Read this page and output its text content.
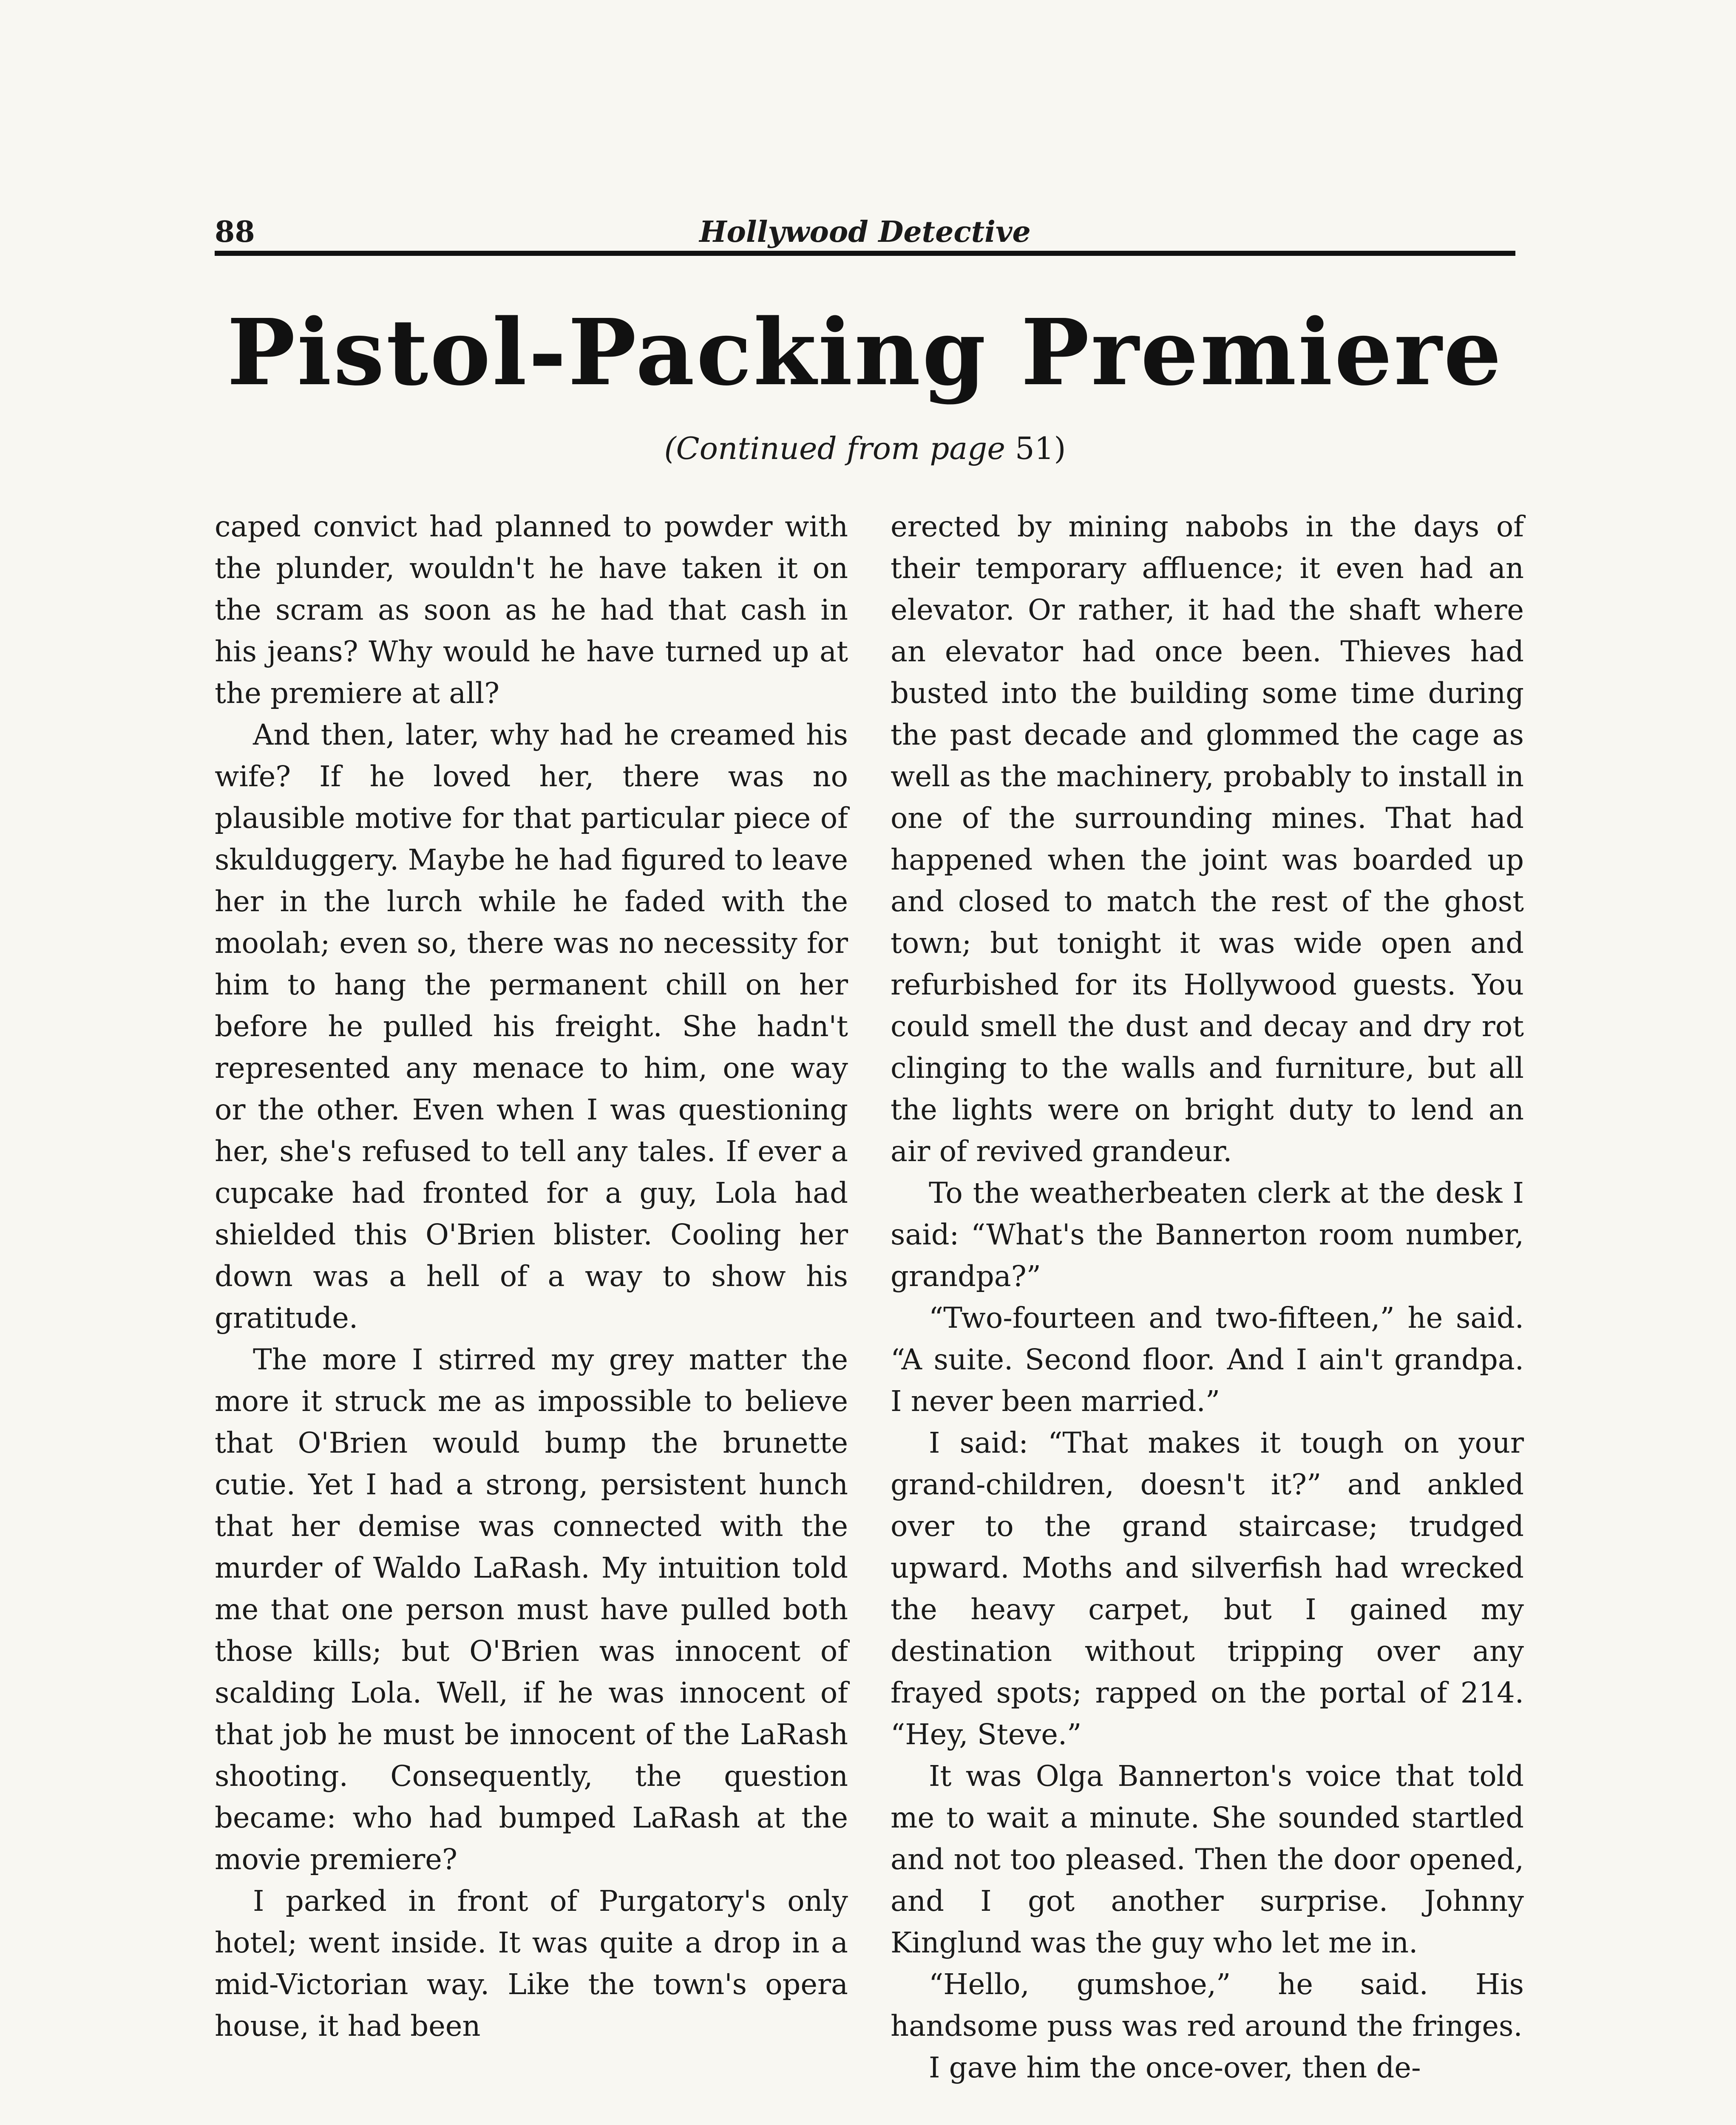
88	Hollywood Detective
Pistol-Packing Premiere
(Continued from page 51)

caped convict had planned to powder with the plunder, wouldn't he have taken it on the scram as soon as he had that cash in his jeans? Why would he have turned up at the premiere at all?

And then, later, why had he creamed his wife? If he loved her, there was no plausible motive for that particular piece of skulduggery. Maybe he had figured to leave her in the lurch while he faded with the moolah; even so, there was no necessity for him to hang the permanent chill on her before he pulled his freight. She hadn't represented any menace to him, one way or the other. Even when I was questioning her, she's refused to tell any tales. If ever a cupcake had fronted for a guy, Lola had shielded this O'Brien blister. Cooling her down was a hell of a way to show his gratitude.

The more I stirred my grey matter the more it struck me as impossible to believe that O'Brien would bump the brunette cutie. Yet I had a strong, persistent hunch that her demise was connected with the murder of Waldo LaRash. My intuition told me that one person must have pulled both those kills; but O'Brien was innocent of scalding Lola. Well, if he was innocent of that job he must be innocent of the LaRash shooting. Consequently, the question became: who had bumped LaRash at the movie premiere?

I parked in front of Purgatory's only hotel; went inside. It was quite a drop in a mid-Victorian way. Like the town's opera house, it had been

erected by mining nabobs in the days of their temporary affluence; it even had an elevator. Or rather, it had the shaft where an elevator had once been. Thieves had busted into the building some time during the past decade and glommed the cage as well as the machinery, probably to install in one of the surrounding mines. That had happened when the joint was boarded up and closed to match the rest of the ghost town; but tonight it was wide open and refurbished for its Hollywood guests. You could smell the dust and decay and dry rot clinging to the walls and furniture, but all the lights were on bright duty to lend an air of revived grandeur.

To the weatherbeaten clerk at the desk I said: “What's the Bannerton room number, grandpa?”

“Two-fourteen and two-fifteen,” he said. “A suite. Second floor. And I ain't grandpa. I never been married.”

I said: “That makes it tough on your grand-children, doesn't it?” and ankled over to the grand staircase; trudged upward. Moths and silverfish had wrecked the heavy carpet, but I gained my destination without tripping over any frayed spots; rapped on the portal of 214. “Hey, Steve.”

It was Olga Bannerton's voice that told me to wait a minute. She sounded startled and not too pleased. Then the door opened, and I got another surprise. Johnny Kinglund was the guy who let me in.

“Hello, gumshoe,” he said. His handsome puss was red around the fringes.

I gave him the once-over, then de-
